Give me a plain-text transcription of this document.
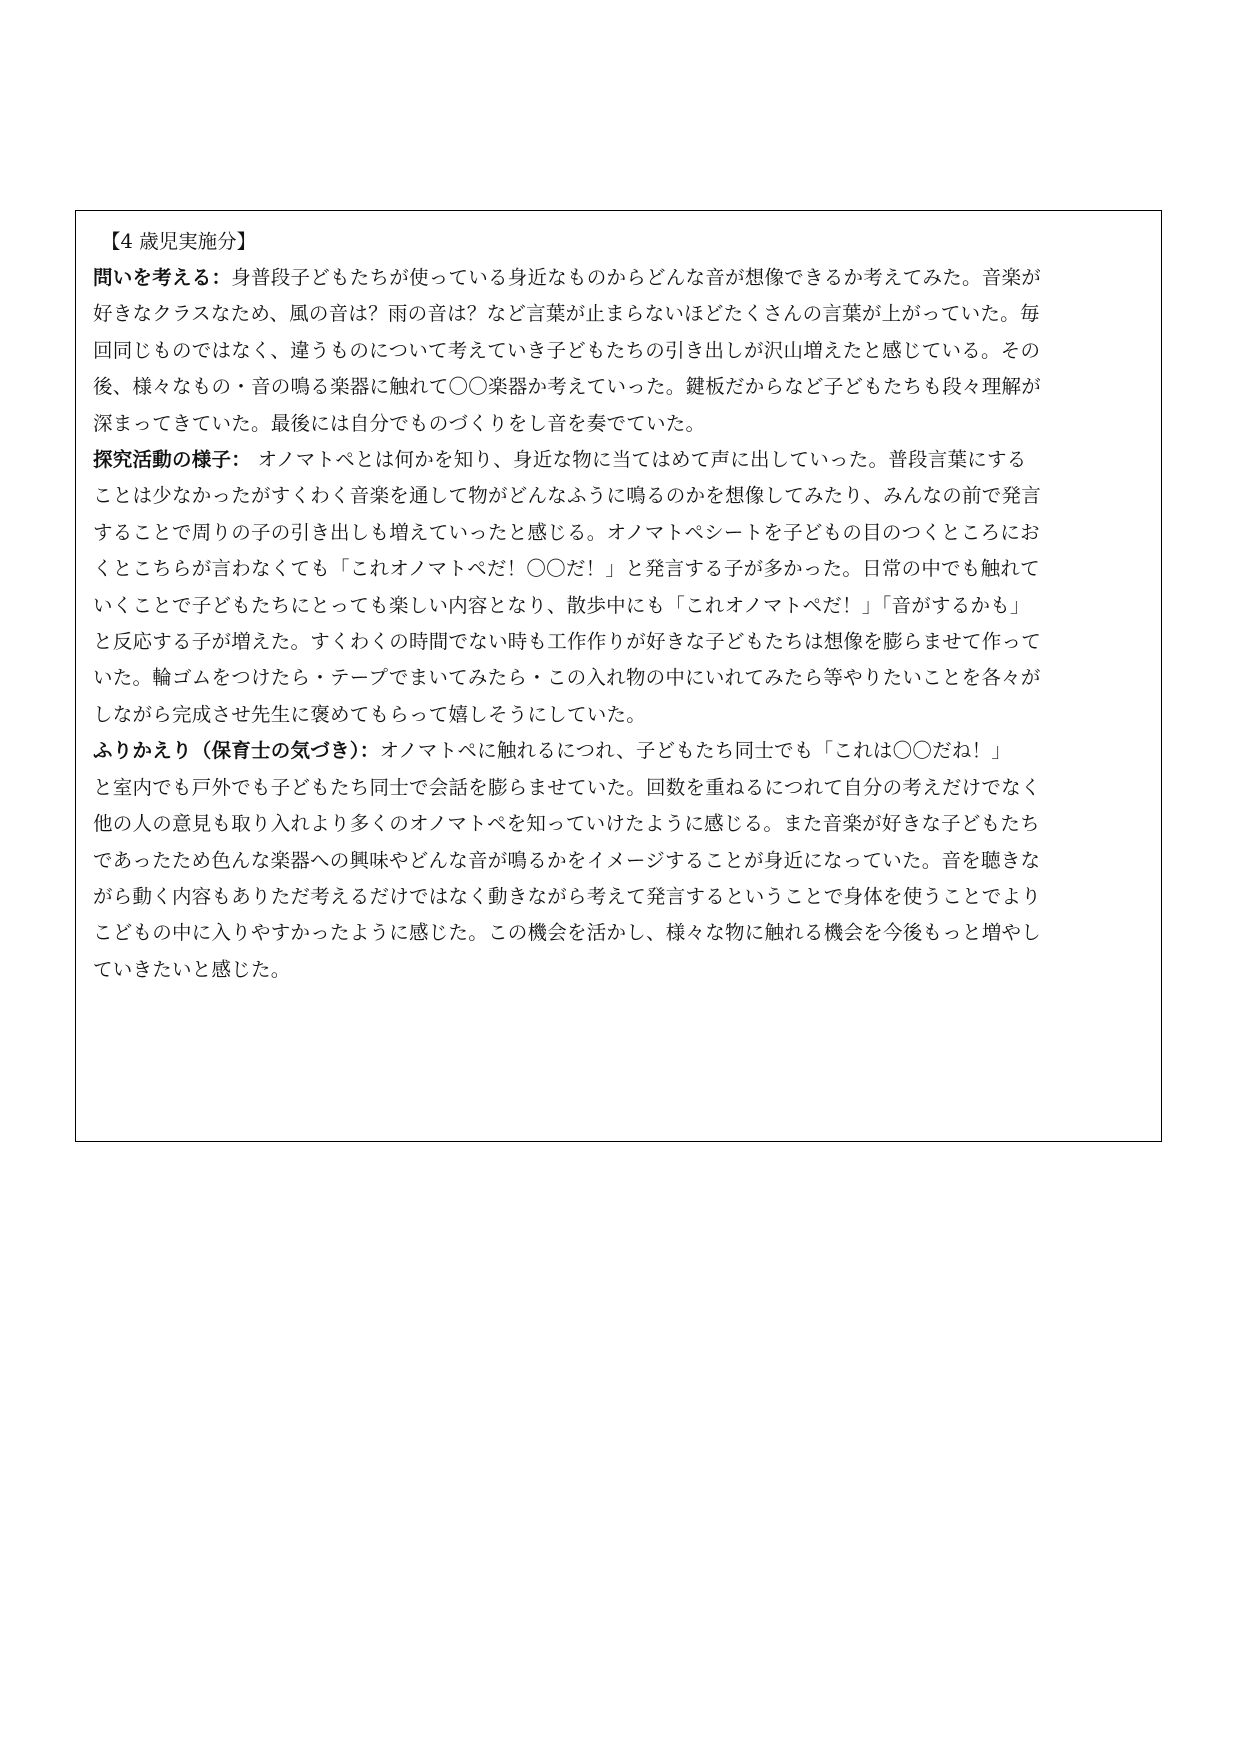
【4 歳児実施分】

問いを考える：身普段子どもたちが使っている身近なものからどんな音が想像できるか考えてみた。音楽が
好きなクラスなため、風の音は？雨の音は？など言葉が止まらないほどたくさんの言葉が上がっていた。毎
回同じものではなく、違うものについて考えていき子どもたちの引き出しが沢山増えたと感じている。その
後、様々なもの・音の鳴る楽器に触れて〇〇楽器か考えていった。鍵板だからなど子どもたちも段々理解が
深まってきていた。最後には自分でものづくりをし音を奏でていた。

探究活動の様子： オノマトペとは何かを知り、身近な物に当てはめて声に出していった。普段言葉にする
ことは少なかったがすくわく音楽を通して物がどんなふうに鳴るのかを想像してみたり、みんなの前で発言
することで周りの子の引き出しも増えていったと感じる。オノマトペシートを子どもの目のつくところにお
くとこちらが言わなくても「これオノマトペだ！〇〇だ！」と発言する子が多かった。日常の中でも触れて
いくことで子どもたちにとっても楽しい内容となり、散歩中にも「これオノマトペだ！」「音がするかも」
と反応する子が増えた。すくわくの時間でない時も工作作りが好きな子どもたちは想像を膨らませて作って
いた。輪ゴムをつけたら・テープでまいてみたら・この入れ物の中にいれてみたら等やりたいことを各々が
しながら完成させ先生に褒めてもらって嬉しそうにしていた。

ふりかえり（保育士の気づき）：オノマトペに触れるにつれ、子どもたち同士でも「これは〇〇だね！」
と室内でも戸外でも子どもたち同士で会話を膨らませていた。回数を重ねるにつれて自分の考えだけでなく
他の人の意見も取り入れより多くのオノマトペを知っていけたように感じる。また音楽が好きな子どもたち
であったため色んな楽器への興味やどんな音が鳴るかをイメージすることが身近になっていた。音を聴きな
がら動く内容もありただ考えるだけではなく動きながら考えて発言するということで身体を使うことでより
こどもの中に入りやすかったように感じた。この機会を活かし、様々な物に触れる機会を今後もっと増やし
ていきたいと感じた。
